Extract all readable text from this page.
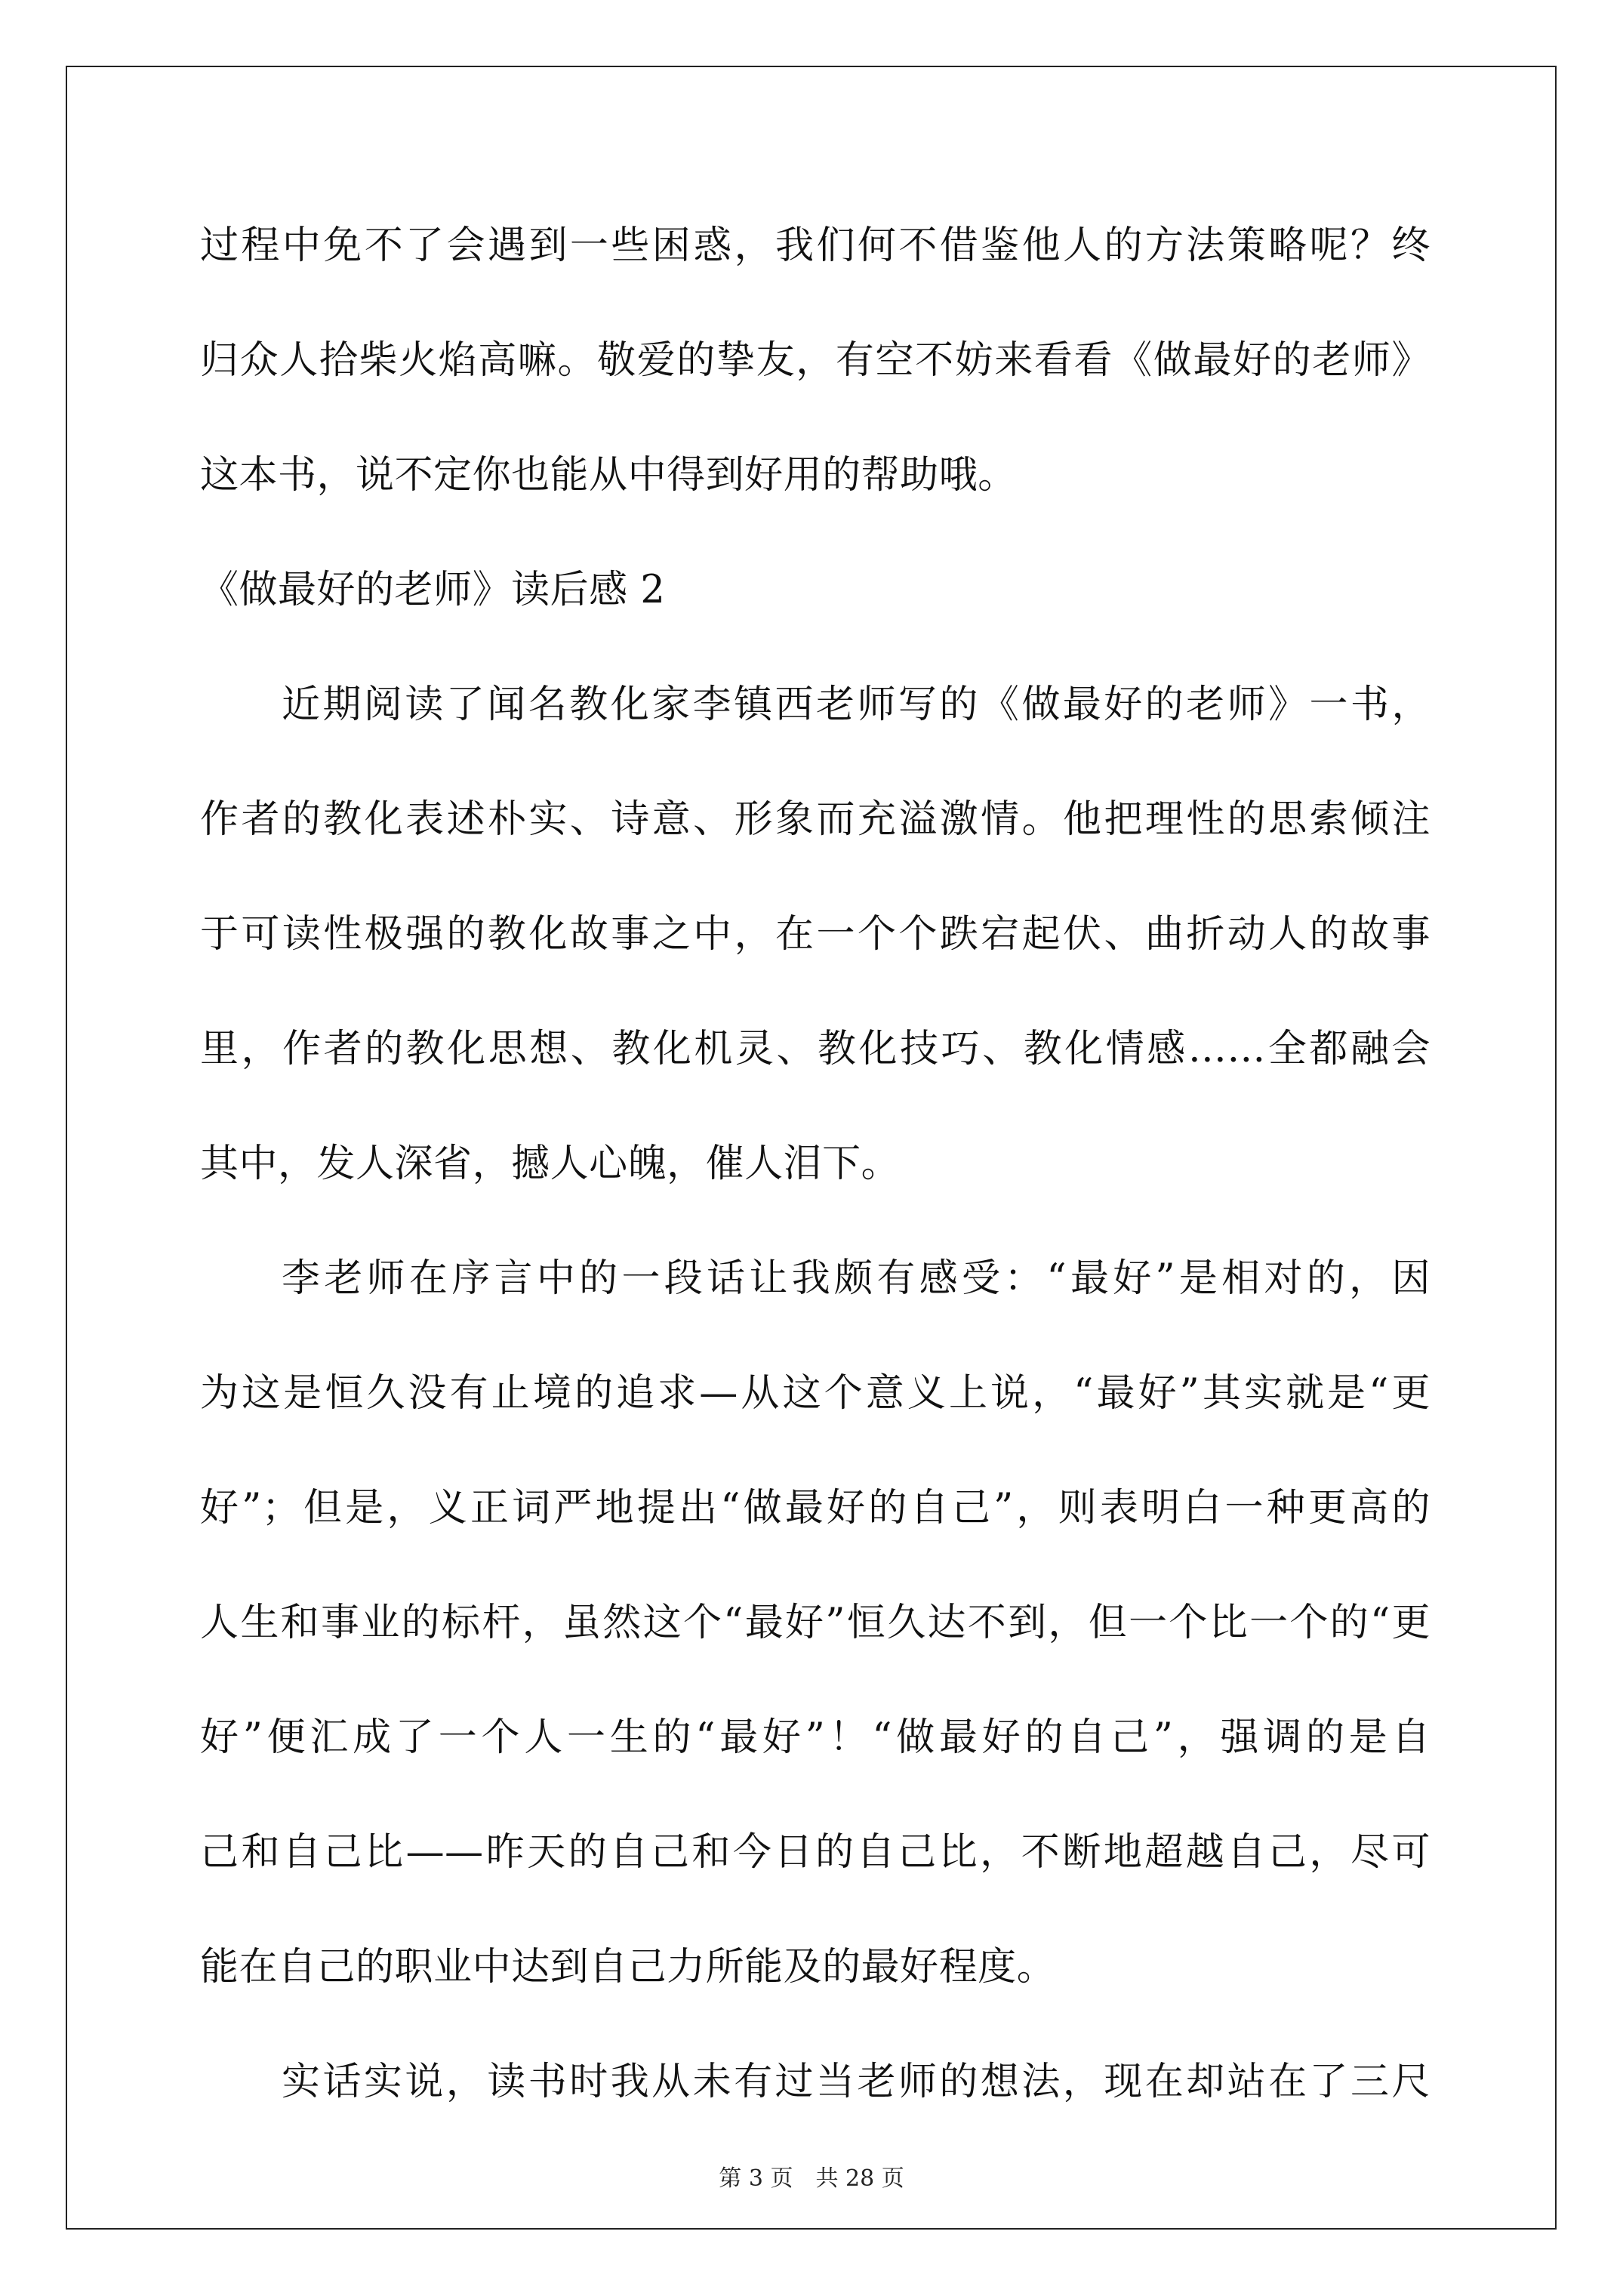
过程中免不了会遇到一些困惑，我们何不借鉴他人的方法策略呢？终
归众人拾柴火焰高嘛。敬爱的挚友，有空不妨来看看《做最好的老师》
这本书，说不定你也能从中得到好用的帮助哦。
《做最好的老师》读后感 2
近期阅读了闻名教化家李镇西老师写的《做最好的老师》一书，
作者的教化表述朴实、诗意、形象而充溢激情。他把理性的思索倾注
于可读性极强的教化故事之中，在一个个跌宕起伏、曲折动人的故事
里，作者的教化思想、教化机灵、教化技巧、教化情感……全都融会
其中，发人深省，撼人心魄，催人泪下。
李老师在序言中的一段话让我颇有感受：“最好”是相对的，因
为这是恒久没有止境的追求—从这个意义上说，“最好”其实就是“更
好”；但是，义正词严地提出“做最好的自己”，则表明白一种更高的
人生和事业的标杆，虽然这个“最好”恒久达不到，但一个比一个的“更
好”便汇成了一个人一生的“最好”！“做最好的自己”，强调的是自
己和自己比——昨天的自己和今日的自己比，不断地超越自己，尽可
能在自己的职业中达到自己力所能及的最好程度。
实话实说，读书时我从未有过当老师的想法，现在却站在了三尺
第 3 页　共 28 页
